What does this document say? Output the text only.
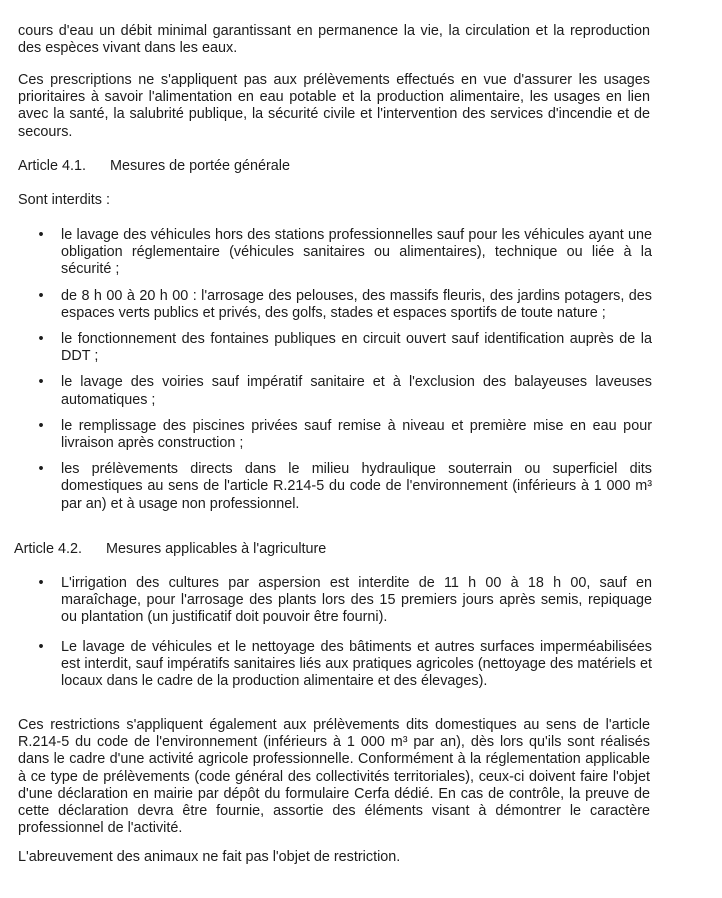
cours d'eau un débit minimal garantissant en permanence la vie, la circulation et la reproduction des espèces vivant dans les eaux.

Ces prescriptions ne s'appliquent pas aux prélèvements effectués en vue d'assurer les usages prioritaires à savoir l'alimentation en eau potable et la production alimentaire, les usages en lien avec la santé, la salubrité publique, la sécurité civile et l'intervention des services d'incendie et de secours.

Article 4.1. Mesures de portée générale

Sont interdits :

• le lavage des véhicules hors des stations professionnelles sauf pour les véhicules ayant une obligation réglementaire (véhicules sanitaires ou alimentaires), technique ou liée à la sécurité ;
• de 8 h 00 à 20 h 00 : l'arrosage des pelouses, des massifs fleuris, des jardins potagers, des espaces verts publics et privés, des golfs, stades et espaces sportifs de toute nature ;
• le fonctionnement des fontaines publiques en circuit ouvert sauf identification auprès de la DDT ;
• le lavage des voiries sauf impératif sanitaire et à l'exclusion des balayeuses laveuses automatiques ;
• le remplissage des piscines privées sauf remise à niveau et première mise en eau pour livraison après construction ;
• les prélèvements directs dans le milieu hydraulique souterrain ou superficiel dits domestiques au sens de l'article R.214-5 du code de l'environnement (inférieurs à 1 000 m³ par an) et à usage non professionnel.
Article 4.2. Mesures applicables à l'agriculture
• L'irrigation des cultures par aspersion est interdite de 11 h 00 à 18 h 00, sauf en maraîchage, pour l'arrosage des plants lors des 15 premiers jours après semis, repiquage ou plantation (un justificatif doit pouvoir être fourni).
• Le lavage de véhicules et le nettoyage des bâtiments et autres surfaces imperméabilisées est interdit, sauf impératifs sanitaires liés aux pratiques agricoles (nettoyage des matériels et locaux dans le cadre de la production alimentaire et des élevages).

Ces restrictions s'appliquent également aux prélèvements dits domestiques au sens de l'article R.214-5 du code de l'environnement (inférieurs à 1 000 m³ par an), dès lors qu'ils sont réalisés dans le cadre d'une activité agricole professionnelle. Conformément à la réglementation applicable à ce type de prélèvements (code général des collectivités territoriales), ceux-ci doivent faire l'objet d'une déclaration en mairie par dépôt du formulaire Cerfa dédié. En cas de contrôle, la preuve de cette déclaration devra être fournie, assortie des éléments visant à démontrer le caractère professionnel de l'activité.

L'abreuvement des animaux ne fait pas l'objet de restriction.
